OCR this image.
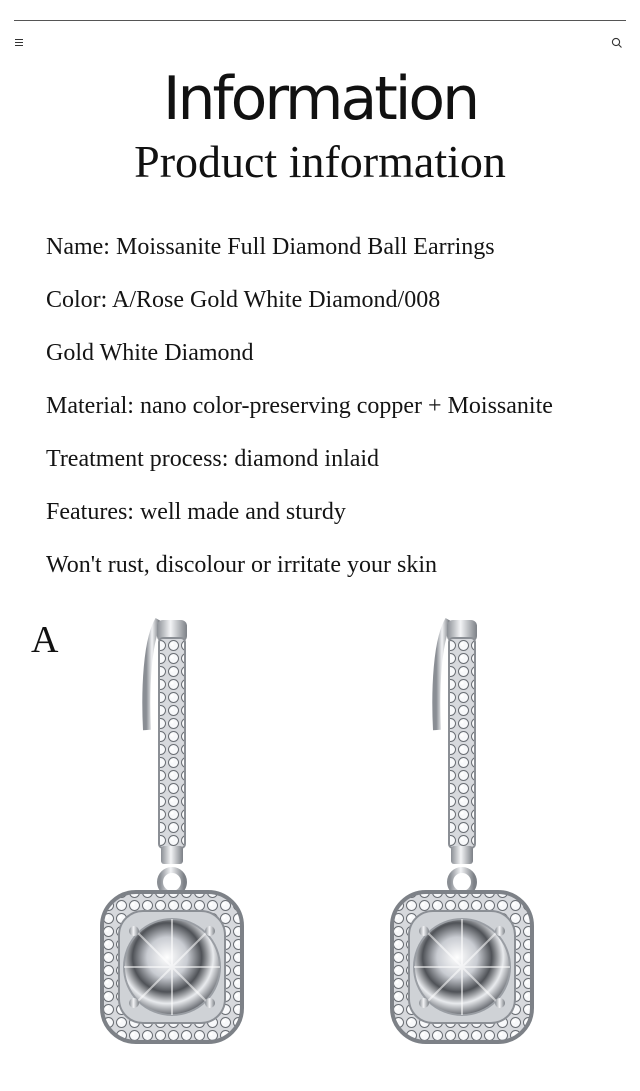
Information
Product information
Name: Moissanite Full Diamond Ball Earrings
Color: A/Rose Gold White Diamond/008
Gold White Diamond
Material: nano color-preserving copper + Moissanite
Treatment process: diamond inlaid
Features: well made and sturdy
Won't rust, discolour or irritate your skin
A
